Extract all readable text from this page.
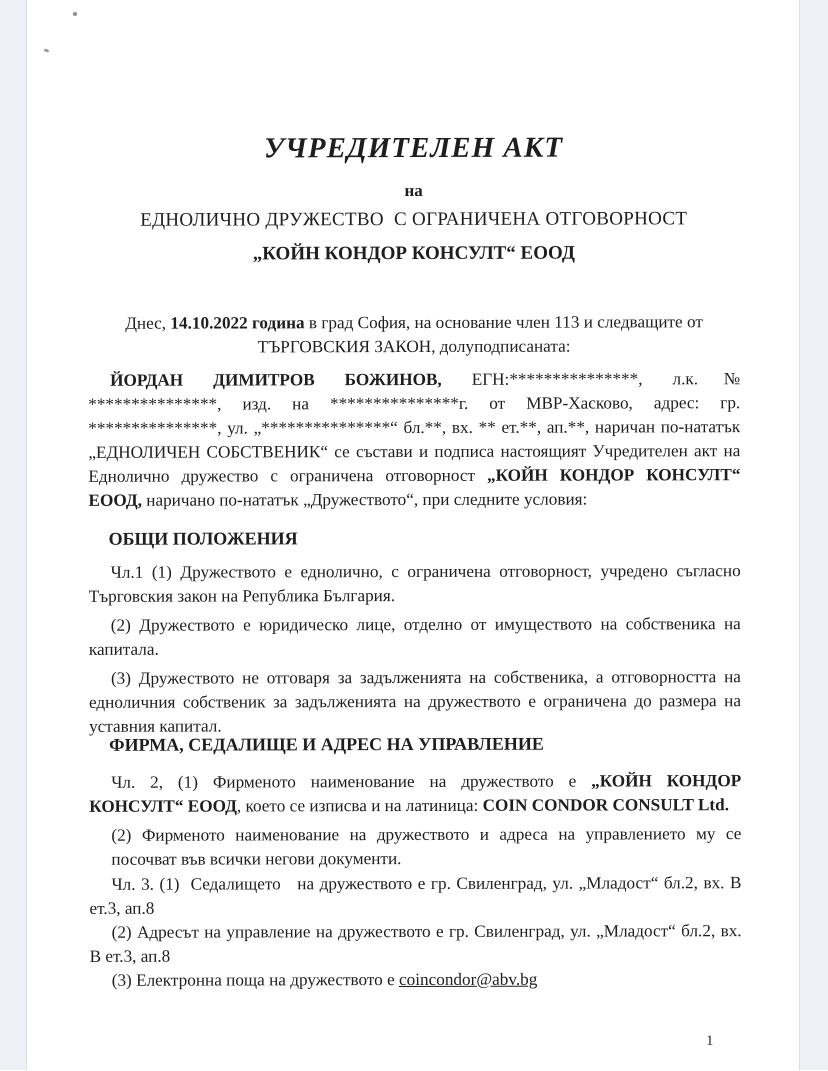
УЧРЕДИТЕЛЕН АКТ
на
ЕДНОЛИЧНО ДРУЖЕСТВО  С ОГРАНИЧЕНА ОТГОВОРНОСТ
„КОЙН КОНДОР КОНСУЛТ“ ЕООД

Днес, 14.10.2022 година в град София, на основание член 113 и следващите от
ТЪРГОВСКИЯ ЗАКОН, долуподписаната:

ЙОРДАН ДИМИТРОВ БОЖИНОВ, ЕГН:***************, л.к.№ ***************, изд. на ***************г. от МВР-Хасково, адрес: гр. ***************, ул. „***************“ бл.**, вх. ** ет.**, ап.**, наричан по-нататък „ЕДНОЛИЧЕН СОБСТВЕНИК“ се състави и подписа настоящият Учредителен акт на Еднолично дружество с ограничена отговорност „КОЙН КОНДОР КОНСУЛТ“ ЕООД, наричано по-нататък „Дружеството“, при следните условия:

ОБЩИ ПОЛОЖЕНИЯ

Чл.1 (1) Дружеството е еднолично, с ограничена отговорност, учредено съгласно Търговския закон на Република България.

(2) Дружеството е юридическо лице, отделно от имуществото на собственика на капитала.

(3) Дружеството не отговаря за задълженията на собственика, а отговорността на едноличния собственик за задълженията на дружеството е ограничена до размера на уставния капитал.

ФИРМА, СЕДАЛИЩЕ И АДРЕС НА УПРАВЛЕНИЕ

Чл. 2, (1) Фирменото наименование на дружеството е „КОЙН КОНДОР КОНСУЛТ“ ЕООД, което се изписва и на латиница: COIN CONDOR CONSULT Ltd.

(2) Фирменото наименование на дружеството и адреса на управлението му се посочват във всички негови документи.

Чл. 3. (1)  Седалището   на дружеството е гр. Свиленград, ул. „Младост“ бл.2, вх. В ет.3, ап.8

(2) Адресът на управление на дружеството е гр. Свиленград, ул. „Младост“ бл.2, вх. В ет.3, ап.8

(3) Електронна поща на дружеството е coincondor@abv.bg

1
